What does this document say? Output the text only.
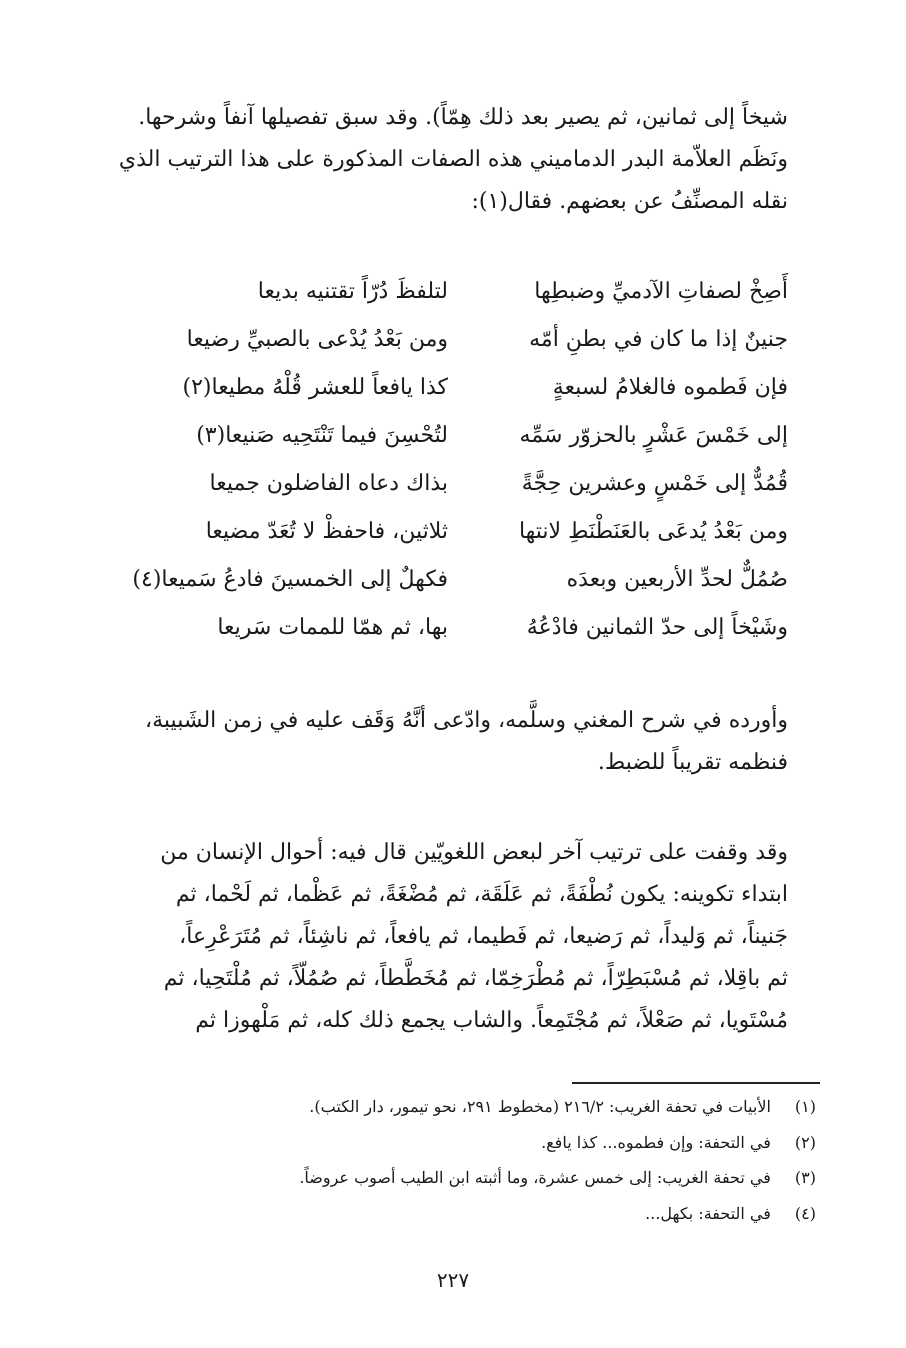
شيخاً إلى ثمانين، ثم يصير بعد ذلك هِمّاً). وقد سبق تفصيلها آنفاً وشرحها.
ونَظَم العلاّمة البدر الدماميني هذه الصفات المذكورة على هذا الترتيب الذي
نقله المصنِّفُ عن بعضهم. فقال(١):
أَصِخْ لصفاتِ الآدميِّ وضبطِها
لتلفظَ دُرّاً تقتنيه بديعا
جنينٌ إذا ما كان في بطنِ أمّه
ومن بَعْدُ يُدْعى بالصبيِّ رضيعا
فإن فَطموه فالغلامُ لسبعةٍ
كذا يافعاً للعشر قُلْهُ مطيعا(٢)
إلى خَمْسَ عَشْرٍ بالحزوّر سَمِّه
لتُحْسِنَ فيما تَنْتَحِيه صَنيعا(٣)
قُمُدٌّ إلى خَمْسٍ وعشرين حِجَّةً
بذاك دعاه الفاضلون جميعا
ومن بَعْدُ يُدعَى بالعَنَطْنَطِ لانتها
ثلاثين، فاحفظْ لا تُعَدّ مضيعا
صُمُلٌّ لحدِّ الأربعين وبعدَه
فكهلٌ إلى الخمسينَ فادعُ سَميعا(٤)
وشَيْخاً إلى حدّ الثمانين فادْعُهُ
بها، ثم همّا للممات سَريعا
وأورده في شرح المغني وسلَّمه، وادّعى أنَّهُ وَقَف عليه في زمن الشَبيبة،
فنظمه تقريباً للضبط.
وقد وقفت على ترتيب آخر لبعض اللغويّين قال فيه: أحوال الإنسان من
ابتداء تكوينه: يكون نُطْفَةً، ثم عَلَقَة، ثم مُضْغَةً، ثم عَظْما، ثم لَحْما، ثم
جَنيناً، ثم وَليداً، ثم رَضيعا، ثم فَطيما، ثم يافعاً، ثم ناشِئاً، ثم مُتَرَعْرِعاً،
ثم باقِلا، ثم مُسْبَطِرّاً، ثم مُطْرَخِمّا، ثم مُخَطَّطاً، ثم صُمُلّاً، ثم مُلْتَحِيا، ثم
مُسْتَويا، ثم صَعْلاً، ثم مُجْتَمِعاً. والشاب يجمع ذلك كله، ثم مَلْهوزا ثم
(١) الأبيات في تحفة الغريب: ٢١٦/٢ (مخطوط ٢٩١، نحو تيمور، دار الكتب).
(٢) في التحفة: وإن فطموه... كذا يافع.
(٣) في تحفة الغريب: إلى خمس عشرة، وما أثبته ابن الطيب أصوب عروضاً.
(٤) في التحفة: بكهل...
٢٢٧
